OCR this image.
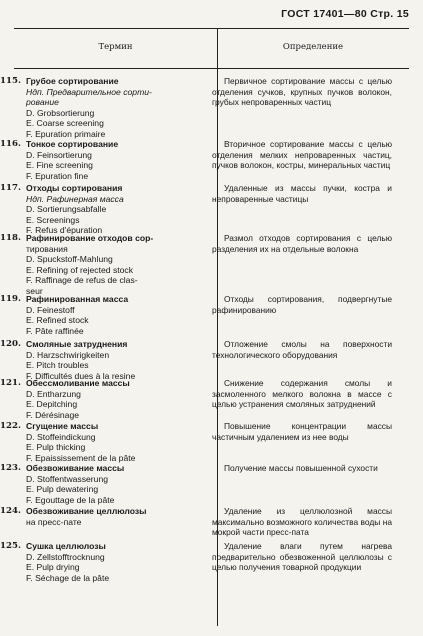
ГОСТ 17401—80 Стр. 15
Термин	Определение
115. Грубое сортирование
Ндп. Предварительное сорти-
рование
D. Grobsortierung
E. Coarse screening
F. Epuration primaire
Первичное сортирование массы с целью отделения сучков, крупных пучков волокон, грубых непроваренных частиц
116. Тонкое сортирование
D. Feinsortierung
E. Fine screening
F. Epuration fine
Вторичное сортирование массы с целью отделения мелких непроваренных частиц, пучков волокон, костры, минеральных частиц
117. Отходы сортирования
Ндп. Рафинерная масса
D. Sortierungsabfalle
E. Screenings
F. Refus d'épuration
Удаленные из массы пучки, костра и непроваренные частицы
118. Рафинирование отходов сор-
тирования
D. Spuckstoff-Mahlung
E. Refining of rejected stock
F. Raffinage de refus de clas-
seur
Размол отходов сортирования с целью разделения их на отдельные волокна
119. Рафинированная масса
D. Feinestoff
E. Refined stock
F. Pâte raffinée
Отходы сортирования, подвергнутые рафинированию
120. Смоляные затруднения
D. Harzschwirigkeiten
E. Pitch troubles
F. Difficultés dues à la resine
Отложение смолы на поверхности технологического оборудования
121. Обессмоливание массы
D. Entharzung
E. Depitching
F. Dérésinage
Снижение содержания смолы и засмоленного мелкого волокна в массе с целью устранения смоляных затруднений
122. Сгущение массы
D. Stoffeindickung
E. Pulp thicking
F. Epaississement de la pâte
Повышение концентрации массы частичным удалением из нее воды
123. Обезвоживание массы
D. Stoffentwasserung
E. Pulp dewatering
F. Egouttage de la pâte
Получение массы повышенной сухости
124. Обезвоживание целлюлозы
на пресс-пате
Удаление из целлюлозной массы максимально возможного количества воды на мокрой части пресс-пата
125. Сушка целлюлозы
D. Zellstofftrocknung
E. Pulp drying
F. Séchage de la pâte
Удаление влаги путем нагрева предварительно обезвоженной целлюлозы с целью получения товарной продукции
